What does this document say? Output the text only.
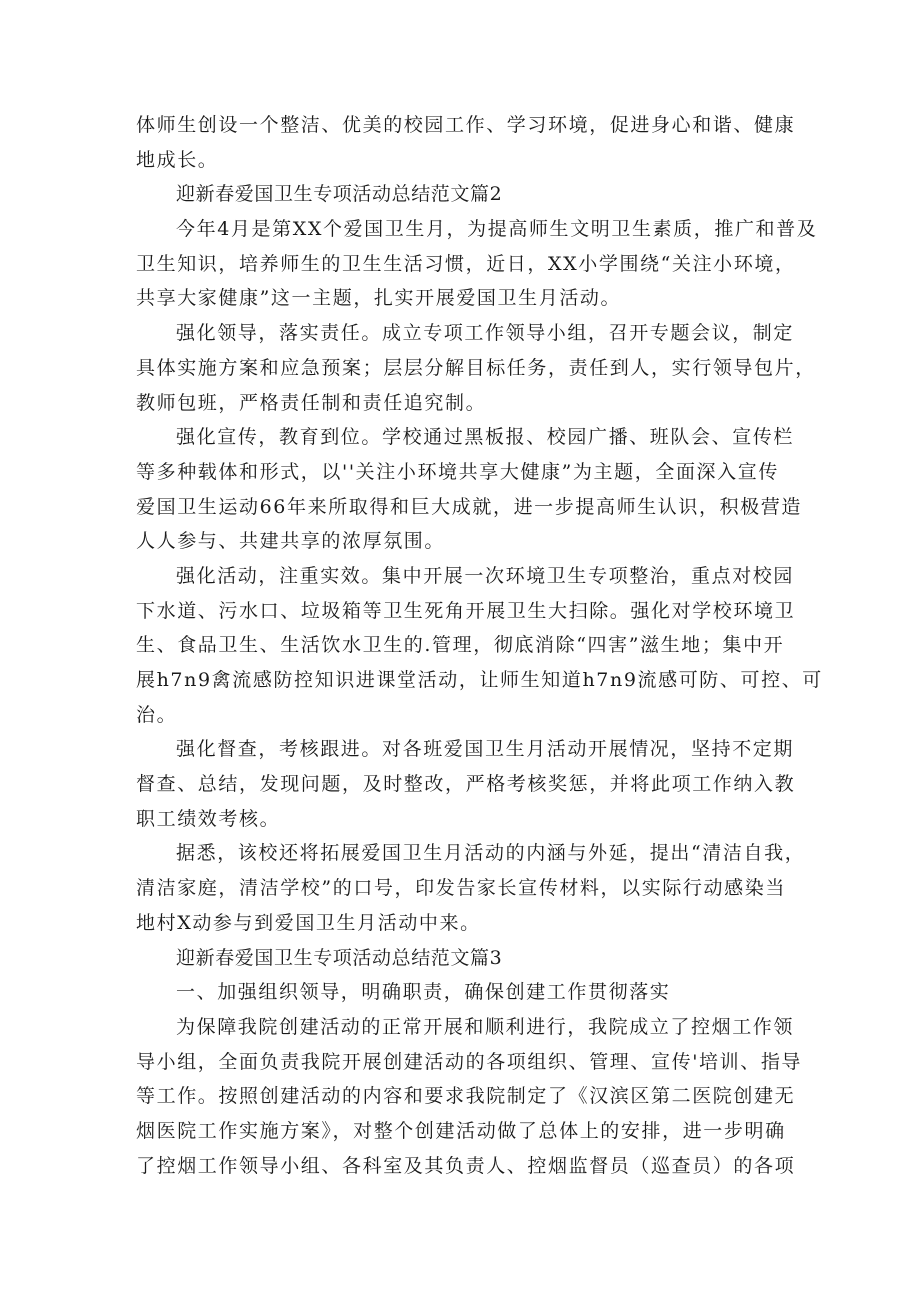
体师生创设一个整洁、优美的校园工作、学习环境，促进身心和谐、健康
地成长。
迎新春爱国卫生专项活动总结范文篇2
今年4月是第XX个爱国卫生月，为提高师生文明卫生素质，推广和普及
卫生知识，培养师生的卫生生活习惯，近日，XX小学围绕“关注小环境，
共享大家健康”这一主题，扎实开展爱国卫生月活动。
强化领导，落实责任。成立专项工作领导小组，召开专题会议，制定
具体实施方案和应急预案；层层分解目标任务，责任到人，实行领导包片，
教师包班，严格责任制和责任追究制。
强化宣传，教育到位。学校通过黑板报、校园广播、班队会、宣传栏
等多种载体和形式，以''关注小环境共享大健康”为主题，全面深入宣传
爱国卫生运动66年来所取得和巨大成就，进一步提高师生认识，积极营造
人人参与、共建共享的浓厚氛围。
强化活动，注重实效。集中开展一次环境卫生专项整治，重点对校园
下水道、污水口、垃圾箱等卫生死角开展卫生大扫除。强化对学校环境卫
生、食品卫生、生活饮水卫生的.管理，彻底消除“四害”滋生地；集中开
展h7n9禽流感防控知识进课堂活动，让师生知道h7n9流感可防、可控、可
治。
强化督查，考核跟进。对各班爱国卫生月活动开展情况，坚持不定期
督查、总结，发现问题，及时整改，严格考核奖惩，并将此项工作纳入教
职工绩效考核。
据悉，该校还将拓展爱国卫生月活动的内涵与外延，提出“清洁自我，
清洁家庭，清洁学校”的口号，印发告家长宣传材料，以实际行动感染当
地村X动参与到爱国卫生月活动中来。
迎新春爱国卫生专项活动总结范文篇3
一、加强组织领导，明确职责，确保创建工作贯彻落实
为保障我院创建活动的正常开展和顺利进行，我院成立了控烟工作领
导小组，全面负责我院开展创建活动的各项组织、管理、宣传'培训、指导
等工作。按照创建活动的内容和要求我院制定了《汉滨区第二医院创建无
烟医院工作实施方案》，对整个创建活动做了总体上的安排，进一步明确
了控烟工作领导小组、各科室及其负责人、控烟监督员（巡查员）的各项
